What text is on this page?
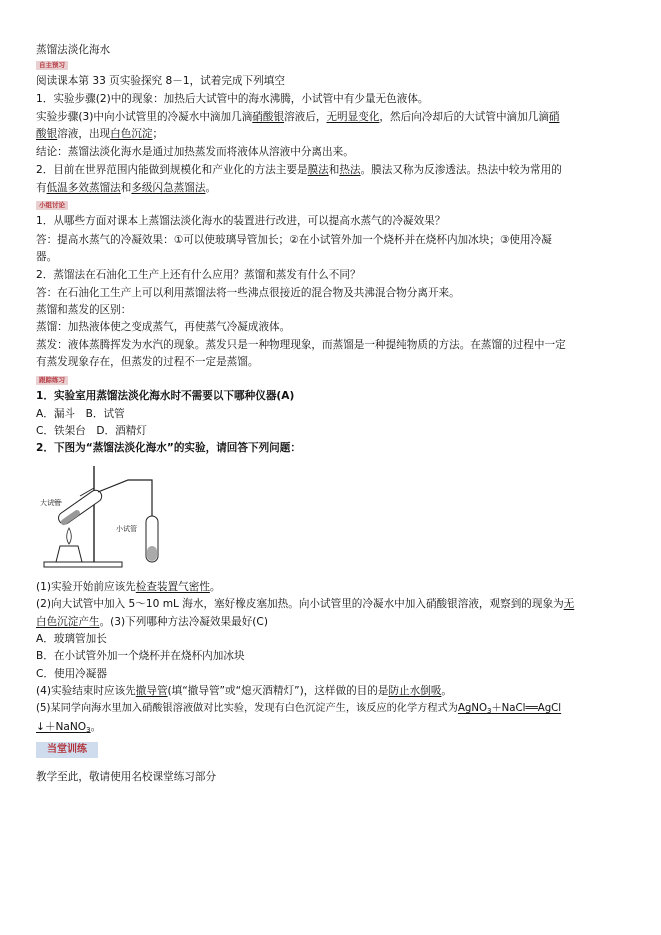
蒸馏法淡化海水
自主预习
阅读课本第 33 页实验探究 8－1，试着完成下列填空
1．实验步骤(2)中的现象：加热后大试管中的海水沸腾，小试管中有少量无色液体。
实验步骤(3)中向小试管里的冷凝水中滴加几滴硝酸银溶液后，无明显变化，然后向冷却后的大试管中滴加几滴硝
酸银溶液，出现白色沉淀；
结论：蒸馏法淡化海水是通过加热蒸发而将液体从溶液中分离出来。
2．目前在世界范围内能做到规模化和产业化的方法主要是膜法和热法。膜法又称为反渗透法。热法中较为常用的
有低温多效蒸馏法和多级闪急蒸馏法。
小组讨论
1．从哪些方面对课本上蒸馏法淡化海水的装置进行改进，可以提高水蒸气的冷凝效果？
答：提高水蒸气的冷凝效果：①可以使玻璃导管加长；②在小试管外加一个烧杯并在烧杯内加冰块；③使用冷凝
器。
2．蒸馏法在石油化工生产上还有什么应用？蒸馏和蒸发有什么不同？
答：在石油化工生产上可以利用蒸馏法将一些沸点很接近的混合物及共沸混合物分离开来。
蒸馏和蒸发的区别：
蒸馏：加热液体使之变成蒸气，再使蒸气冷凝成液体。
蒸发：液体蒸腾挥发为水汽的现象。蒸发只是一种物理现象，而蒸馏是一种提纯物质的方法。在蒸馏的过程中一定
有蒸发现象存在，但蒸发的过程不一定是蒸馏。
跟踪练习
1．实验室用蒸馏法淡化海水时不需要以下哪种仪器(A)
A．漏斗　B．试管
C．铁架台　D．酒精灯
2．下图为“蒸馏法淡化海水”的实验，请回答下列问题：
大试管
小试管
(1)实验开始前应该先检查装置气密性。
(2)向大试管中加入 5～10 mL 海水，塞好橡皮塞加热。向小试管里的冷凝水中加入硝酸银溶液，观察到的现象为无
白色沉淀产生。(3)下列哪种方法冷凝效果最好(C)
A．玻璃管加长
B．在小试管外加一个烧杯并在烧杯内加冰块
C．使用冷凝器
(4)实验结束时应该先撤导管(填“撤导管”或“熄灭酒精灯”)，这样做的目的是防止水倒吸。
(5)某同学向海水里加入硝酸银溶液做对比实验，发现有白色沉淀产生，该反应的化学方程式为AgNO$_3$＋NaCl══AgCl
↓＋NaNO$_3$。
当堂训练
教学至此，敬请使用名校课堂练习部分
